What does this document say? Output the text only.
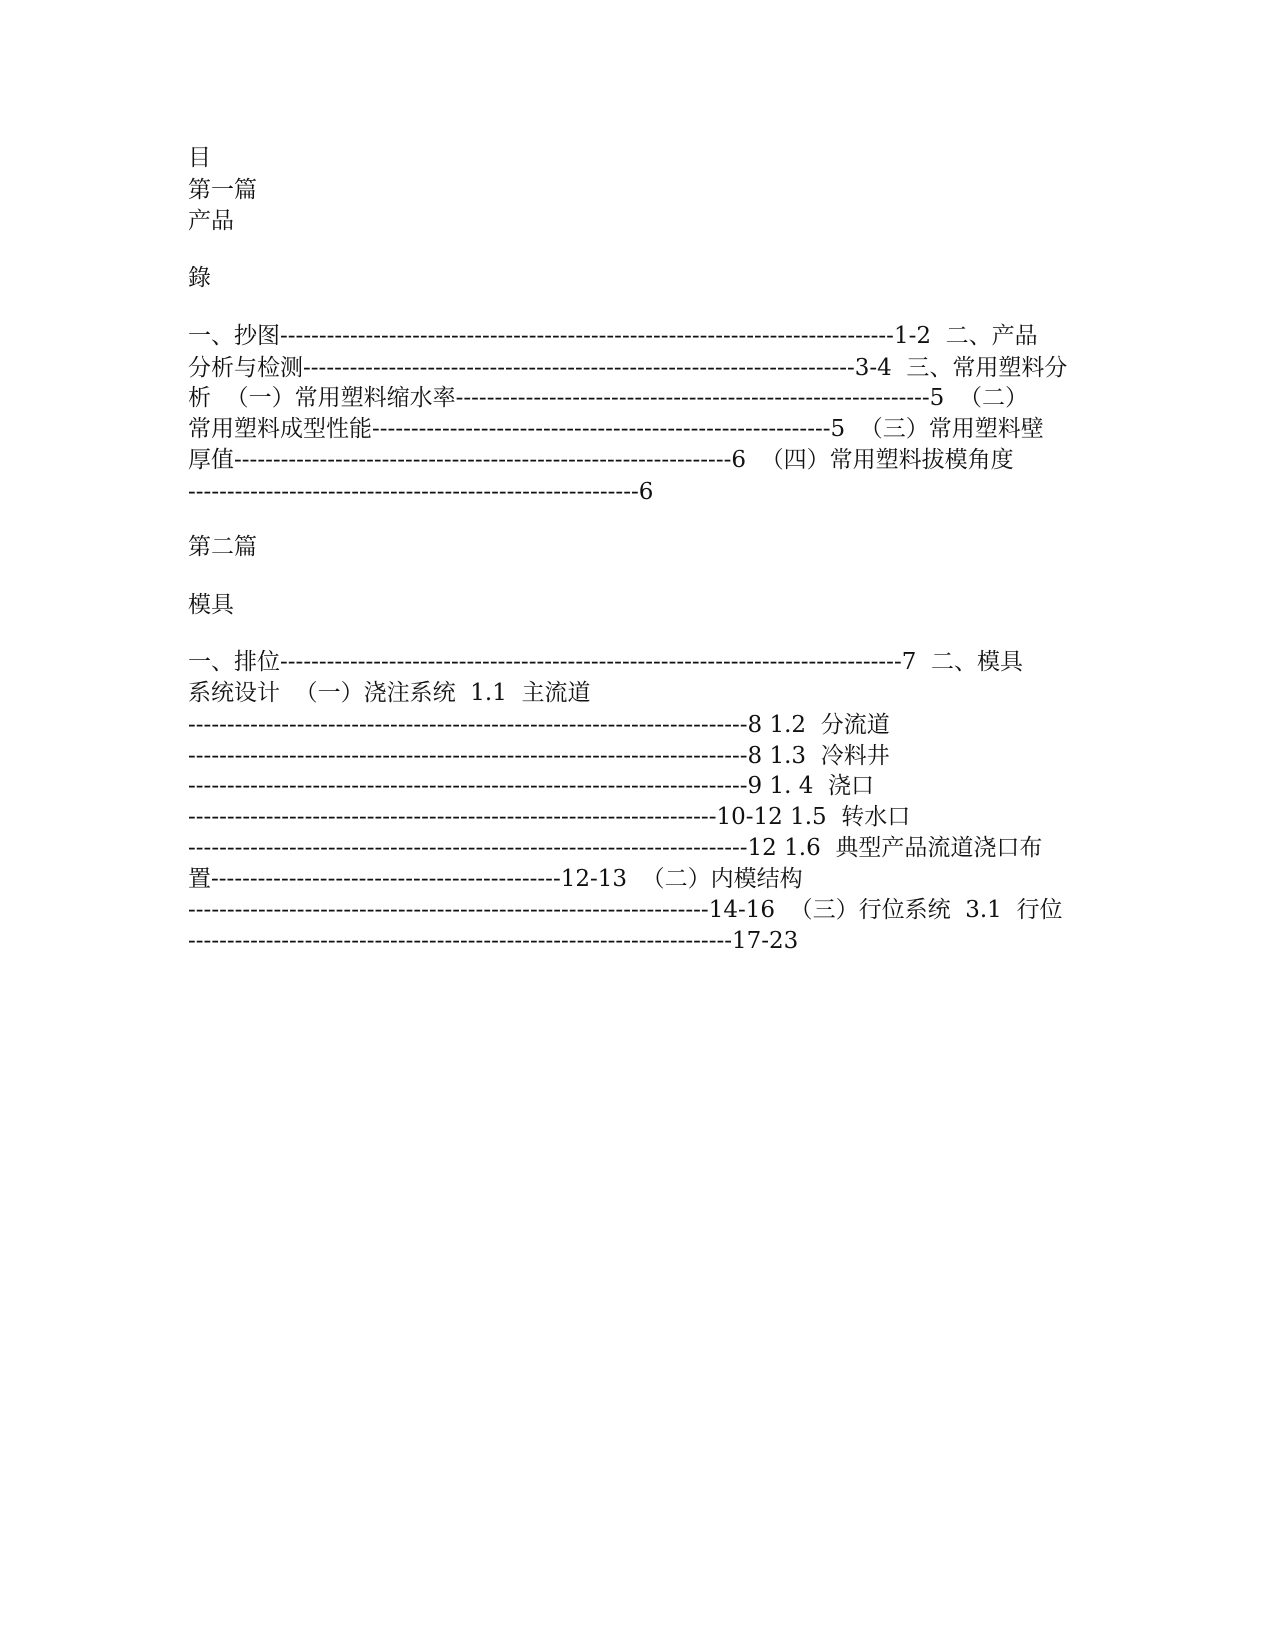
目
第一篇
产品
錄
一、抄图-------------------------------------------------------------------------------1-2  二、产品
分析与检测-----------------------------------------------------------------------3-4  三、常用塑料分
析  （一）常用塑料缩水率-------------------------------------------------------------5  （二）
常用塑料成型性能-----------------------------------------------------------5  （三）常用塑料壁
厚值----------------------------------------------------------------6  （四）常用塑料拔模角度
----------------------------------------------------------6
第二篇
模具
一、排位--------------------------------------------------------------------------------7  二、模具
系统设计  （一）浇注系统  1.1  主流道
------------------------------------------------------------------------8 1.2  分流道
------------------------------------------------------------------------8 1.3  冷料井
------------------------------------------------------------------------9 1. 4  浇口
--------------------------------------------------------------------10-12 1.5  转水口
------------------------------------------------------------------------12 1.6  典型产品流道浇口布
置---------------------------------------------12-13  （二）内模结构
-------------------------------------------------------------------14-16  （三）行位系统  3.1  行位
----------------------------------------------------------------------17-23
